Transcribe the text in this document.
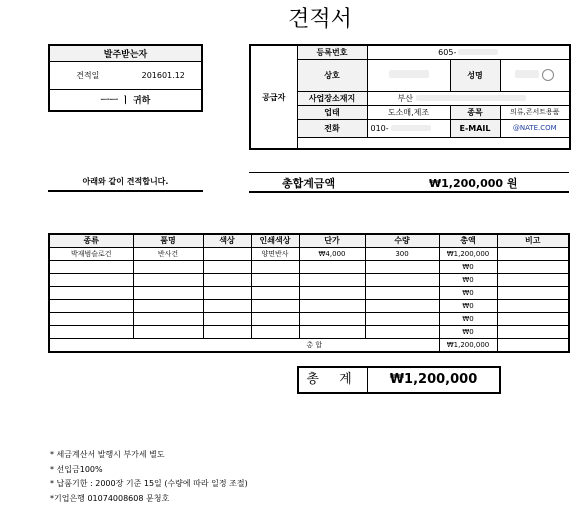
견적서
발주받는자
견적일	201601.12
ㅡㅡ ㅣ 귀하	공급자	등록번호	605-		
	상호		성명	
	사업장소재지	부산		
	업태	도소매,제조	종목	의류,콘서트용품
	전화	010-	E-MAIL	@NATE.COM

아래와 같이 견적합니다.	총합계금액	₩1,200,000 원
종류	품명	색상	인쇄색상	단가	수량	총액	비고
박재범슬로건	반사건		양면반사	₩4,000	300	₩1,200,000	
						₩0	
						₩0	
						₩0	
						₩0	
						₩0	
						₩0	
총 합						₩1,200,000	
총 계	₩1,200,000
* 세금계산서 발행시 부가세 별도
* 선입금100%
* 납품기한 : 2000장 기준 15일 (수량에 따라 일정 조절)
*기업은행 01074008608 문청호
